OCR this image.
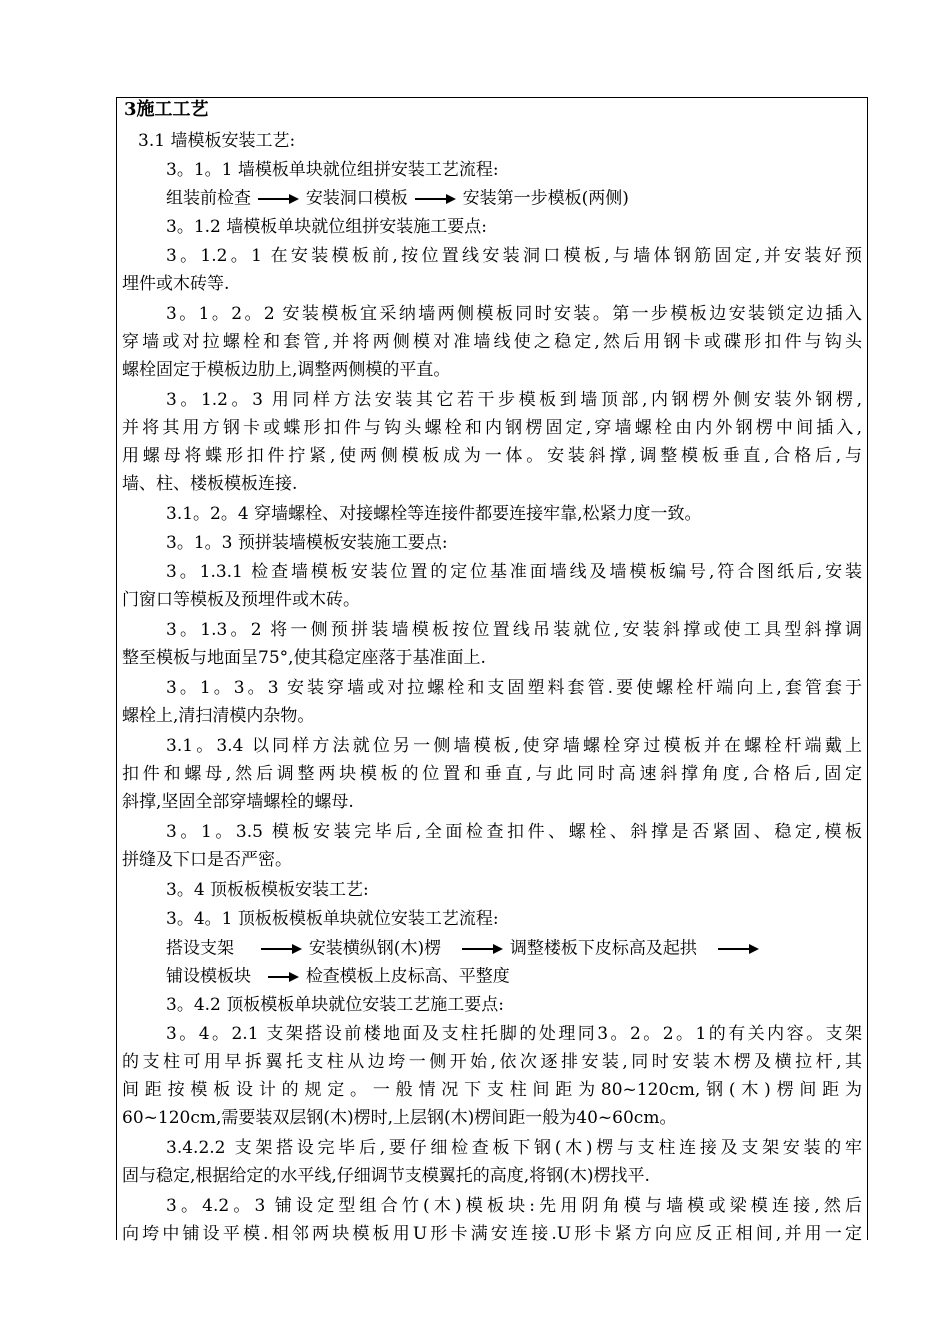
3施工工艺
3.1 墙模板安装工艺:
3。1。1 墙模板单块就位组拼安装工艺流程:
组装前检查	安装洞口模板	安装第一步模板(两侧)
3。1.2 墙模板单块就位组拼安装施工要点:
3。1.2。1 在安装模板前,按位置线安装洞口模板,与墙体钢筋固定,并安装好预
埋件或木砖等.
3。1。2。2 安装模板宜采纳墙两侧模板同时安装。第一步模板边安装锁定边插入
穿墙或对拉螺栓和套管,并将两侧模对准墙线使之稳定,然后用钢卡或碟形扣件与钩头
螺栓固定于模板边肋上,调整两侧模的平直。
3。1.2。3 用同样方法安装其它若干步模板到墙顶部,内钢楞外侧安装外钢楞,
并将其用方钢卡或蝶形扣件与钩头螺栓和内钢楞固定,穿墙螺栓由内外钢楞中间插入,
用螺母将蝶形扣件拧紧,使两侧模板成为一体。安装斜撑,调整模板垂直,合格后,与
墙、柱、楼板模板连接.
3.1。2。4 穿墙螺栓、对接螺栓等连接件都要连接牢靠,松紧力度一致。
3。1。3 预拼装墙模板安装施工要点:
3。1.3.1 检查墙模板安装位置的定位基准面墙线及墙模板编号,符合图纸后,安装
门窗口等模板及预埋件或木砖。
3。1.3。2 将一侧预拼装墙模板按位置线吊装就位,安装斜撑或使工具型斜撑调
整至模板与地面呈75°,使其稳定座落于基准面上.
3。1。3。3 安装穿墙或对拉螺栓和支固塑料套管.要使螺栓杆端向上,套管套于
螺栓上,清扫清模内杂物。
3.1。3.4 以同样方法就位另一侧墙模板,使穿墙螺栓穿过模板并在螺栓杆端戴上
扣件和螺母,然后调整两块模板的位置和垂直,与此同时高速斜撑角度,合格后,固定
斜撑,坚固全部穿墙螺栓的螺母.
3。1。3.5 模板安装完毕后,全面检查扣件、螺栓、斜撑是否紧固、稳定,模板
拼缝及下口是否严密。
3。4 顶板板模板安装工艺:
3。4。1 顶板板模板单块就位安装工艺流程:
搭设支架	安装横纵钢(木)楞	调整楼板下皮标高及起拱
铺设模板块	检查模板上皮标高、平整度
3。4.2 顶板模板单块就位安装工艺施工要点:
3。4。2.1 支架搭设前楼地面及支柱托脚的处理同3。2。2。1的有关内容。支架
的支柱可用早拆翼托支柱从边垮一侧开始,依次逐排安装,同时安装木楞及横拉杆,其
间距按模板设计的规定。一般情况下支柱间距为80~120cm,钢(木)楞间距为
60~120cm,需要装双层钢(木)楞时,上层钢(木)楞间距一般为40~60cm。
3.4.2.2 支架搭设完毕后,要仔细检查板下钢(木)楞与支柱连接及支架安装的牢
固与稳定,根据给定的水平线,仔细调节支模翼托的高度,将钢(木)楞找平.
3。4.2。3 铺设定型组合竹(木)模板块:先用阴角模与墙模或梁模连接,然后
向垮中铺设平模.相邻两块模板用U形卡满安连接.U形卡紧方向应反正相间,并用一定
